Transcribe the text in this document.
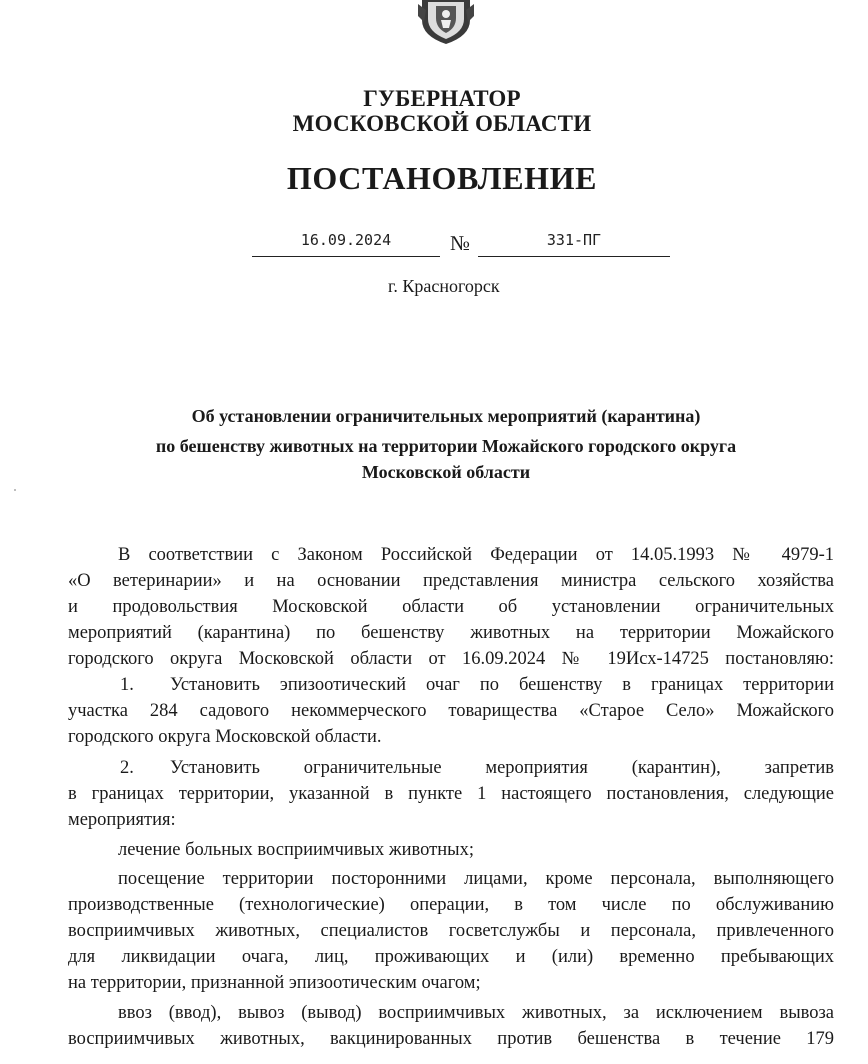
ГУБЕРНАТОР
МОСКОВСКОЙ ОБЛАСТИ
ПОСТАНОВЛЕНИЕ
16.09.2024	№	331-ПГ
г. Красногорск
Об установлении ограничительных мероприятий (карантина)
по бешенству животных на территории Можайского городского округа
Московской области
В соответствии с Законом Российской Федерации от 14.05.1993 № 4979-1
«О ветеринарии» и на основании представления министра сельского хозяйства
и продовольствия Московской области об установлении ограничительных
мероприятий (карантина) по бешенству животных на территории Можайского
городского округа Московской области от 16.09.2024 № 19Исх-14725 постановляю:
1. Установить эпизоотический очаг по бешенству в границах территории
участка 284 садового некоммерческого товарищества «Старое Село» Можайского
городского округа Московской области.
2. Установить ограничительные мероприятия (карантин), запретив
в границах территории, указанной в пункте 1 настоящего постановления, следующие
мероприятия:
лечение больных восприимчивых животных;
посещение территории посторонними лицами, кроме персонала, выполняющего
производственные (технологические) операции, в том числе по обслуживанию
восприимчивых животных, специалистов госветслужбы и персонала, привлеченного
для ликвидации очага, лиц, проживающих и (или) временно пребывающих
на территории, признанной эпизоотическим очагом;
ввоз (ввод), вывоз (вывод) восприимчивых животных, за исключением вывоза
восприимчивых животных, вакцинированных против бешенства в течение 179
